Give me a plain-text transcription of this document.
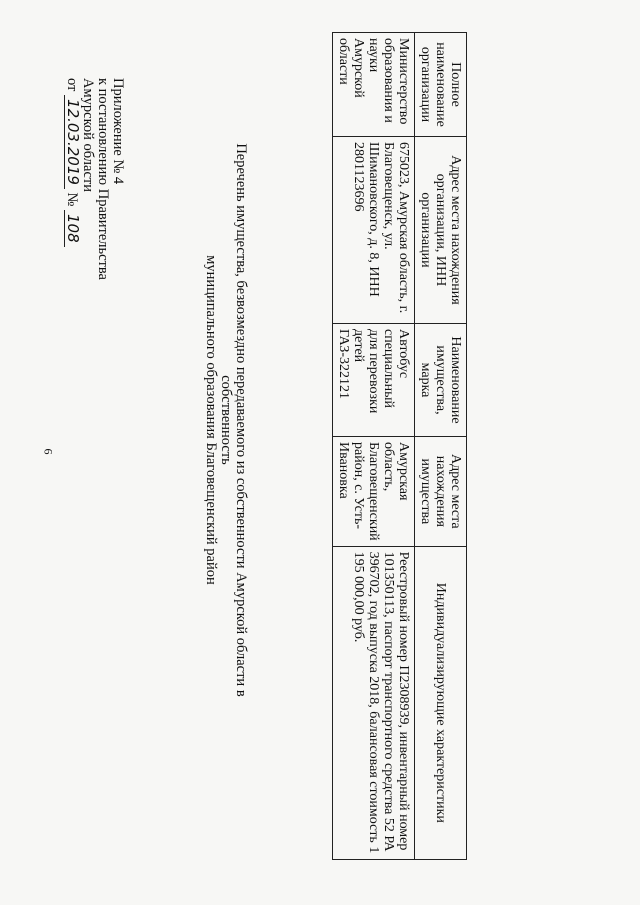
6
Приложение № 4
к постановлению Правительства
Амурской области
от 12.03.2019 № 108	Перечень имущества, безвозмездно передаваемого из собственности Амурской области в собственность
муниципального образования Благовещенский район
Полное наименование организации	Адрес места нахождения организации, ИНН организации	Наименование имущества, марка	Адрес места нахождения имущества	Индивидуализирующие характеристики
Министерство образования и науки Амурской области	675023, Амурская область, г. Благовещенск, ул. Шимановского, д. 8, ИНН 2801123696	Автобус специальный для перевозки детей ГАЗ-322121	Амурская область, Благовещенский район, с. Усть-Ивановка	Реестровый номер П2308939, инвентарный номер 101350113, паспорт транспортного средства 52 РА 396702, год выпуска 2018, балансовая стоимость 1 195 000,00 руб.
